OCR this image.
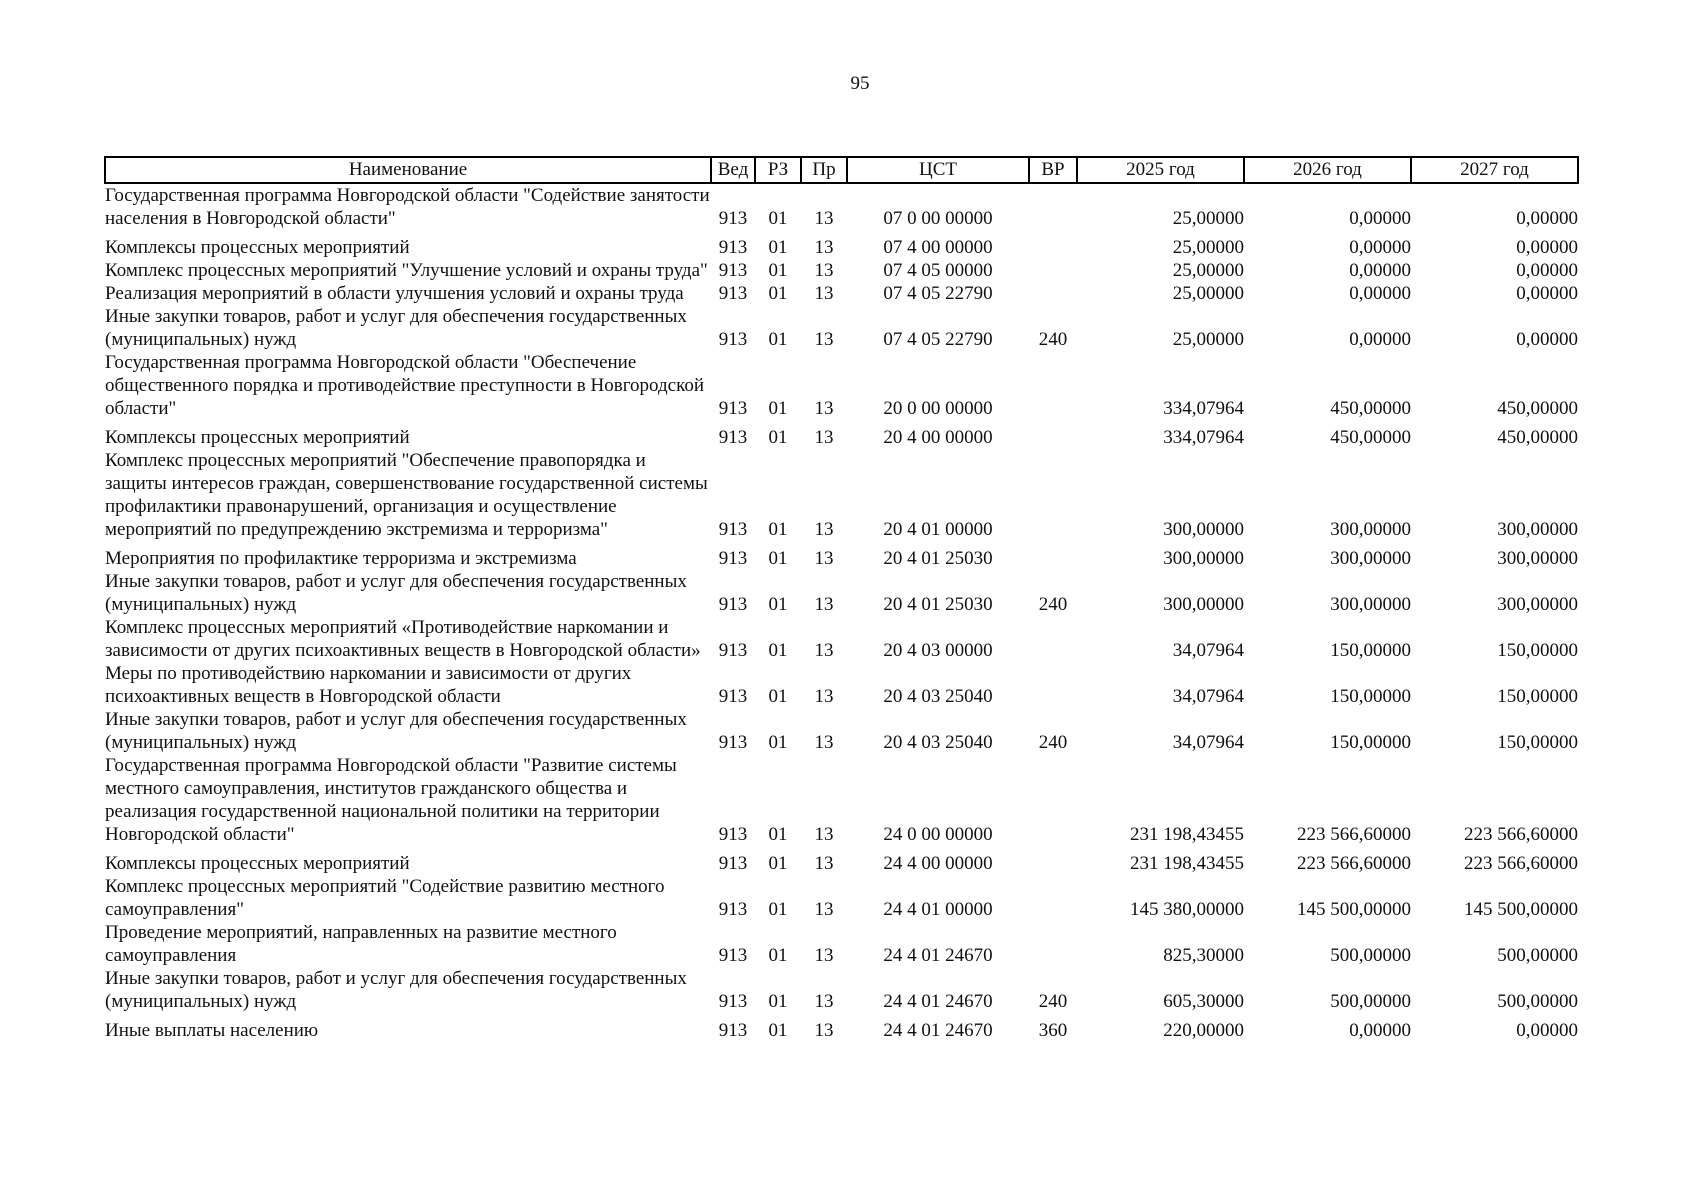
95
Наименование	Вед	РЗ	Пр	ЦСТ	ВР	2025 год	2026 год	2027 год
Государственная программа Новгородской области "Содействие занятости населения в Новгородской области"	913	01	13	07 0 00 00000		25,00000	0,00000	0,00000
Комплексы процессных мероприятий	913	01	13	07 4 00 00000		25,00000	0,00000	0,00000
Комплекс процессных мероприятий "Улучшение условий и охраны труда"	913	01	13	07 4 05 00000		25,00000	0,00000	0,00000
Реализация мероприятий в области улучшения условий и охраны труда	913	01	13	07 4 05 22790		25,00000	0,00000	0,00000
Иные закупки товаров, работ и услуг для обеспечения государственных (муниципальных) нужд	913	01	13	07 4 05 22790	240	25,00000	0,00000	0,00000
Государственная программа Новгородской области "Обеспечение общественного порядка и противодействие преступности в Новгородской области"	913	01	13	20 0 00 00000		334,07964	450,00000	450,00000
Комплексы процессных мероприятий	913	01	13	20 4 00 00000		334,07964	450,00000	450,00000
Комплекс процессных мероприятий "Обеспечение правопорядка и защиты интересов граждан, совершенствование государственной системы профилактики правонарушений, организация и осуществление мероприятий по предупреждению экстремизма и терроризма"	913	01	13	20 4 01 00000		300,00000	300,00000	300,00000
Мероприятия по профилактике терроризма и экстремизма	913	01	13	20 4 01 25030		300,00000	300,00000	300,00000
Иные закупки товаров, работ и услуг для обеспечения государственных (муниципальных) нужд	913	01	13	20 4 01 25030	240	300,00000	300,00000	300,00000
Комплекс процессных мероприятий «Противодействие наркомании и зависимости от других психоактивных веществ в Новгородской области»	913	01	13	20 4 03 00000		34,07964	150,00000	150,00000
Меры по противодействию наркомании и зависимости от других психоактивных веществ в Новгородской области	913	01	13	20 4 03 25040		34,07964	150,00000	150,00000
Иные закупки товаров, работ и услуг для обеспечения государственных (муниципальных) нужд	913	01	13	20 4 03 25040	240	34,07964	150,00000	150,00000
Государственная программа Новгородской области "Развитие системы местного самоуправления, институтов гражданского общества и реализация государственной национальной политики на территории Новгородской области"	913	01	13	24 0 00 00000		231 198,43455	223 566,60000	223 566,60000
Комплексы процессных мероприятий	913	01	13	24 4 00 00000		231 198,43455	223 566,60000	223 566,60000
Комплекс процессных мероприятий "Содействие развитию местного самоуправления"	913	01	13	24 4 01 00000		145 380,00000	145 500,00000	145 500,00000
Проведение мероприятий, направленных на развитие местного самоуправления	913	01	13	24 4 01 24670		825,30000	500,00000	500,00000
Иные закупки товаров, работ и услуг для обеспечения государственных (муниципальных) нужд	913	01	13	24 4 01 24670	240	605,30000	500,00000	500,00000
Иные выплаты населению	913	01	13	24 4 01 24670	360	220,00000	0,00000	0,00000
